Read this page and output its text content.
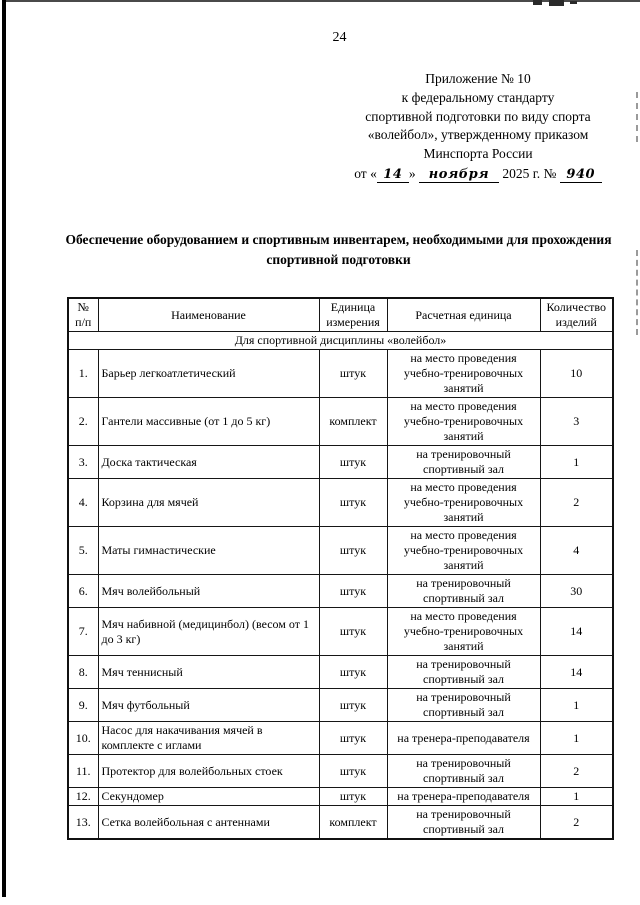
24
Приложение № 10
к федеральному стандарту
спортивной подготовки по виду спорта
«волейбол», утвержденному приказом
Минспорта России
от « 14 » ноября 2025 г. № 940
Обеспечение оборудованием и спортивным инвентарем, необходимыми для прохождения спортивной подготовки
№ п/п	Наименование	Единица измерения	Расчетная единица	Количество изделий
Для спортивной дисциплины «волейбол»				
1.	Барьер легкоатлетический	штук	на место проведения учебно-тренировочных занятий	10
2.	Гантели массивные (от 1 до 5 кг)	комплект	на место проведения учебно-тренировочных занятий	3
3.	Доска тактическая	штук	на тренировочный спортивный зал	1
4.	Корзина для мячей	штук	на место проведения учебно-тренировочных занятий	2
5.	Маты гимнастические	штук	на место проведения учебно-тренировочных занятий	4
6.	Мяч волейбольный	штук	на тренировочный спортивный зал	30
7.	Мяч набивной (медицинбол) (весом от 1 до 3 кг)	штук	на место проведения учебно-тренировочных занятий	14
8.	Мяч теннисный	штук	на тренировочный спортивный зал	14
9.	Мяч футбольный	штук	на тренировочный спортивный зал	1
10.	Насос для накачивания мячей в комплекте с иглами	штук	на тренера-преподавателя	1
11.	Протектор для волейбольных стоек	штук	на тренировочный спортивный зал	2
12.	Секундомер	штук	на тренера-преподавателя	1
13.	Сетка волейбольная с антеннами	комплект	на тренировочный спортивный зал	2
